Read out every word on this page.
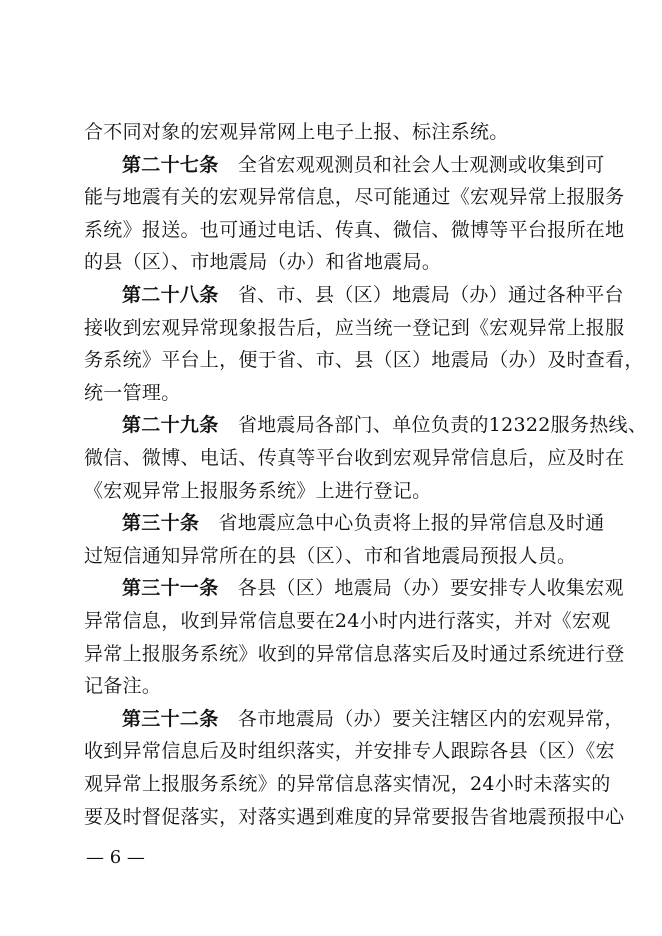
合不同对象的宏观异常网上电子上报、标注系统。
第二十七条　全省宏观观测员和社会人士观测或收集到可
能与地震有关的宏观异常信息，尽可能通过《宏观异常上报服务
系统》报送。也可通过电话、传真、微信、微博等平台报所在地
的县（区）、市地震局（办）和省地震局。
第二十八条　省、市、县（区）地震局（办）通过各种平台
接收到宏观异常现象报告后，应当统一登记到《宏观异常上报服
务系统》平台上，便于省、市、县（区）地震局（办）及时查看，
统一管理。
第二十九条　省地震局各部门、单位负责的12322服务热线、
微信、微博、电话、传真等平台收到宏观异常信息后，应及时在
《宏观异常上报服务系统》上进行登记。
第三十条　省地震应急中心负责将上报的异常信息及时通
过短信通知异常所在的县（区）、市和省地震局预报人员。
第三十一条　各县（区）地震局（办）要安排专人收集宏观
异常信息，收到异常信息要在24小时内进行落实，并对《宏观
异常上报服务系统》收到的异常信息落实后及时通过系统进行登
记备注。
第三十二条　各市地震局（办）要关注辖区内的宏观异常，
收到异常信息后及时组织落实，并安排专人跟踪各县（区）《宏
观异常上报服务系统》的异常信息落实情况，24小时未落实的
要及时督促落实，对落实遇到难度的异常要报告省地震预报中心
— 6 —
